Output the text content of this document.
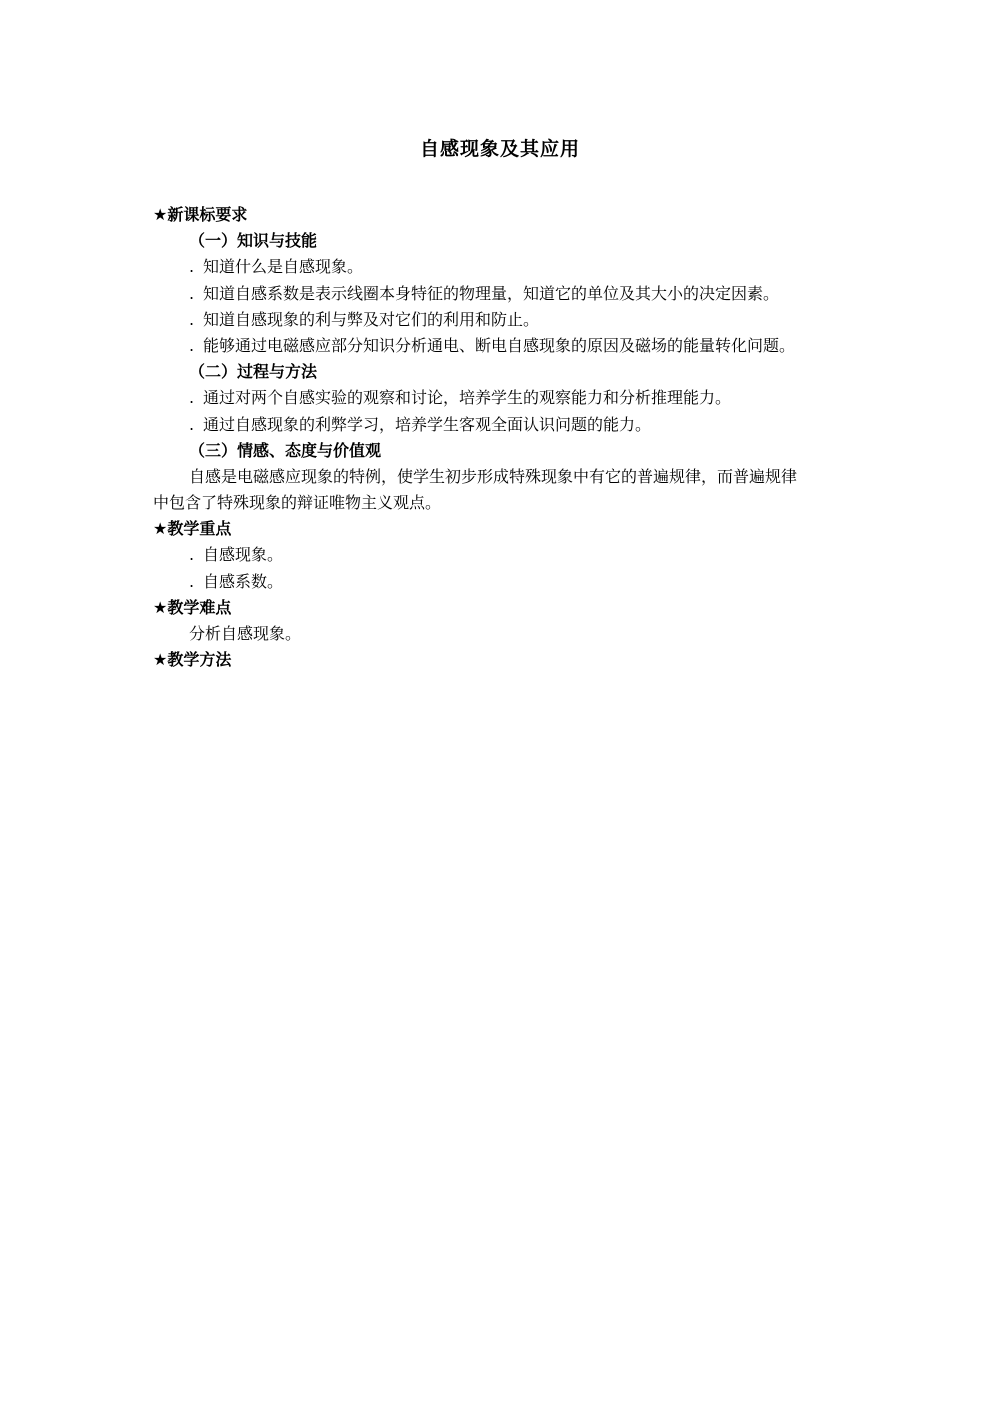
自感现象及其应用
★新课标要求
（一）知识与技能
. 知道什么是自感现象。
. 知道自感系数是表示线圈本身特征的物理量，知道它的单位及其大小的决定因素。
. 知道自感现象的利与弊及对它们的利用和防止。
. 能够通过电磁感应部分知识分析通电、断电自感现象的原因及磁场的能量转化问题。
（二）过程与方法
. 通过对两个自感实验的观察和讨论，培养学生的观察能力和分析推理能力。
. 通过自感现象的利弊学习，培养学生客观全面认识问题的能力。
（三）情感、态度与价值观
自感是电磁感应现象的特例，使学生初步形成特殊现象中有它的普遍规律，而普遍规律
中包含了特殊现象的辩证唯物主义观点。
★教学重点
. 自感现象。
. 自感系数。
★教学难点
分析自感现象。
★教学方法
